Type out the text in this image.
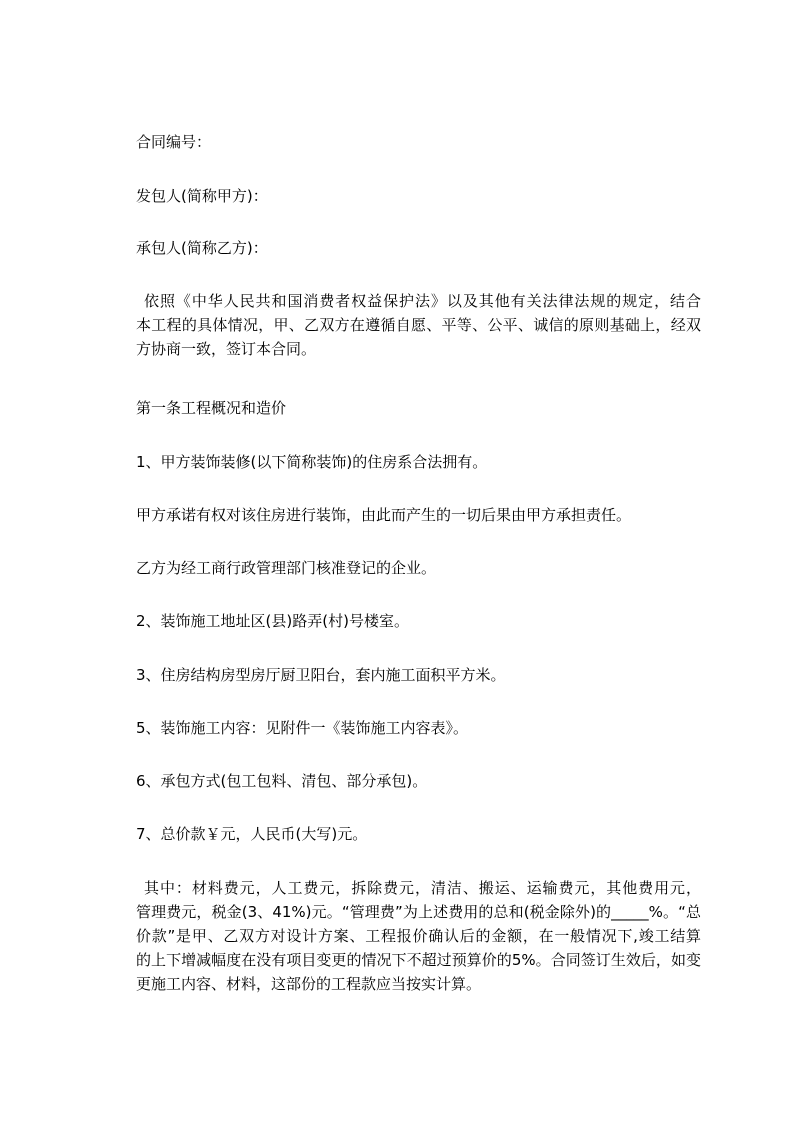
合同编号：
发包人(简称甲方)：
承包人(简称乙方)：
依照《中华人民共和国消费者权益保护法》以及其他有关法律法规的规定，结合
本工程的具体情况，甲、乙双方在遵循自愿、平等、公平、诚信的原则基础上，经双
方协商一致，签订本合同。
第一条工程概况和造价
1、甲方装饰装修(以下简称装饰)的住房系合法拥有。
甲方承诺有权对该住房进行装饰，由此而产生的一切后果由甲方承担责任。
乙方为经工商行政管理部门核准登记的企业。
2、装饰施工地址区(县)路弄(村)号楼室。
3、住房结构房型房厅厨卫阳台，套内施工面积平方米。
5、装饰施工内容：见附件一《装饰施工内容表》。
6、承包方式(包工包料、清包、部分承包)。
7、总价款￥元，人民币(大写)元。
其中：材料费元，人工费元，拆除费元，清洁、搬运、运输费元，其他费用元，
管理费元，税金(3、41%)元。“管理费”为上述费用的总和(税金除外)的_____%。“总
价款”是甲、乙双方对设计方案、工程报价确认后的金额，在一般情况下,竣工结算
的上下增减幅度在没有项目变更的情况下不超过预算价的5%。合同签订生效后，如变
更施工内容、材料，这部份的工程款应当按实计算。
